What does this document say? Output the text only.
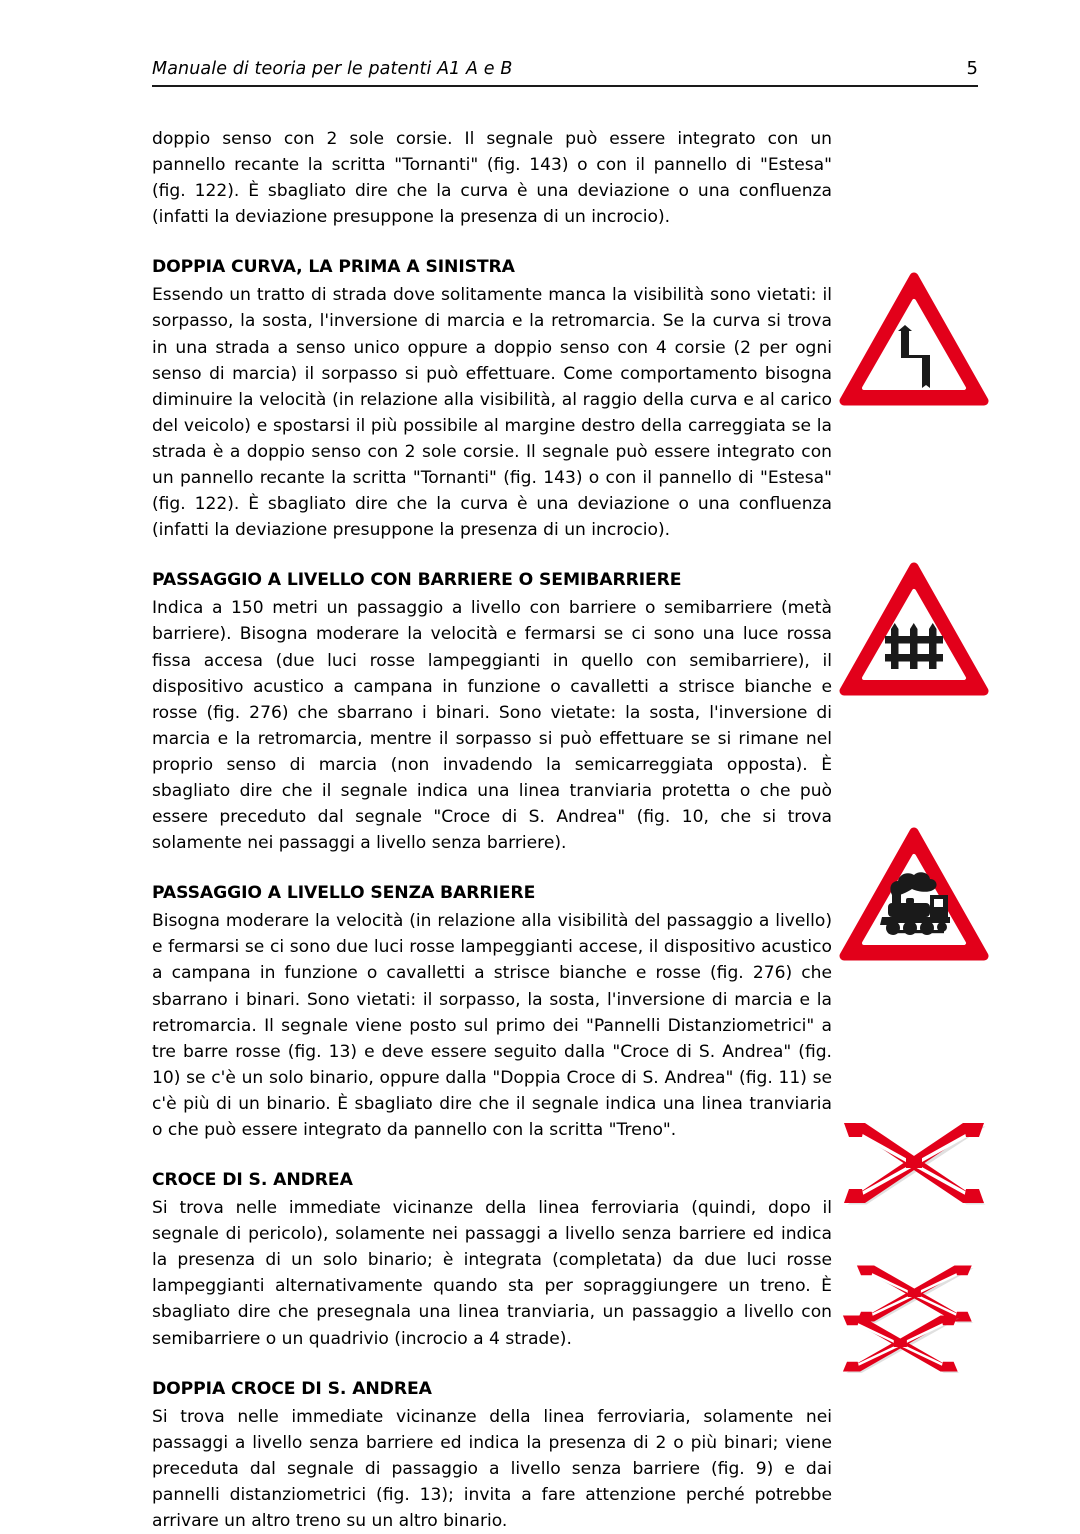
Manuale di teoria per le patenti A1 A e B	5

doppio senso con 2 sole corsie. Il segnale può essere integrato con un pannello recante la scritta "Tornanti" (fig. 143) o con il pannello di "Estesa" (fig. 122). È sbagliato dire che la curva è una deviazione o una confluenza (infatti la deviazione presuppone la presenza di un incrocio).

DOPPIA CURVA, LA PRIMA A SINISTRA

Essendo un tratto di strada dove solitamente manca la visibilità sono vietati: il sorpasso, la sosta, l'inversione di marcia e la retromarcia. Se la curva si trova in una strada a senso unico oppure a doppio senso con 4 corsie (2 per ogni senso di marcia) il sorpasso si può effettuare. Come comportamento bisogna diminuire la velocità (in relazione alla visibilità, al raggio della curva e al carico del veicolo) e spostarsi il più possibile al margine destro della carreggiata se la strada è a doppio senso con 2 sole corsie. Il segnale può essere integrato con un pannello recante la scritta "Tornanti" (fig. 143) o con il pannello di "Estesa" (fig. 122). È sbagliato dire che la curva è una deviazione o una confluenza (infatti la deviazione presuppone la presenza di un incrocio).

PASSAGGIO A LIVELLO CON BARRIERE O SEMIBARRIERE

Indica a 150 metri un passaggio a livello con barriere o semibarriere (metà barriere). Bisogna moderare la velocità e fermarsi se ci sono una luce rossa fissa accesa (due luci rosse lampeggianti in quello con semibarriere), il dispositivo acustico a campana in funzione o cavalletti a strisce bianche e rosse (fig. 276) che sbarrano i binari. Sono vietate: la sosta, l'inversione di marcia e la retromarcia, mentre il sorpasso si può effettuare se si rimane nel proprio senso di marcia (non invadendo la semicarreggiata opposta). È sbagliato dire che il segnale indica una linea tranviaria protetta o che può essere preceduto dal segnale "Croce di S. Andrea" (fig. 10, che si trova solamente nei passaggi a livello senza barriere).

PASSAGGIO A LIVELLO SENZA BARRIERE

Bisogna moderare la velocità (in relazione alla visibilità del passaggio a livello) e fermarsi se ci sono due luci rosse lampeggianti accese, il dispositivo acustico a campana in funzione o cavalletti a strisce bianche e rosse (fig. 276) che sbarrano i binari. Sono vietati: il sorpasso, la sosta, l'inversione di marcia e la retromarcia. Il segnale viene posto sul primo dei "Pannelli Distanziometrici" a tre barre rosse (fig. 13) e deve essere seguito dalla "Croce di S. Andrea" (fig. 10) se c'è un solo binario, oppure dalla "Doppia Croce di S. Andrea" (fig. 11) se c'è più di un binario. È sbagliato dire che il segnale indica una linea tranviaria o che può essere integrato da pannello con la scritta "Treno".

CROCE DI S. ANDREA

Si trova nelle immediate vicinanze della linea ferroviaria (quindi, dopo il segnale di pericolo), solamente nei passaggi a livello senza barriere ed indica la presenza di un solo binario; è integrata (completata) da due luci rosse lampeggianti alternativamente quando sta per sopraggiungere un treno. È sbagliato dire che presegnala una linea tranviaria, un passaggio a livello con semibarriere o un quadrivio (incrocio a 4 strade).

DOPPIA CROCE DI S. ANDREA

Si trova nelle immediate vicinanze della linea ferroviaria, solamente nei passaggi a livello senza barriere ed indica la presenza di 2 o più binari; viene preceduta dal segnale di passaggio a livello senza barriere (fig. 9) e dai pannelli distanziometrici (fig. 13); invita a fare attenzione perché potrebbe arrivare un altro treno su un altro binario.
